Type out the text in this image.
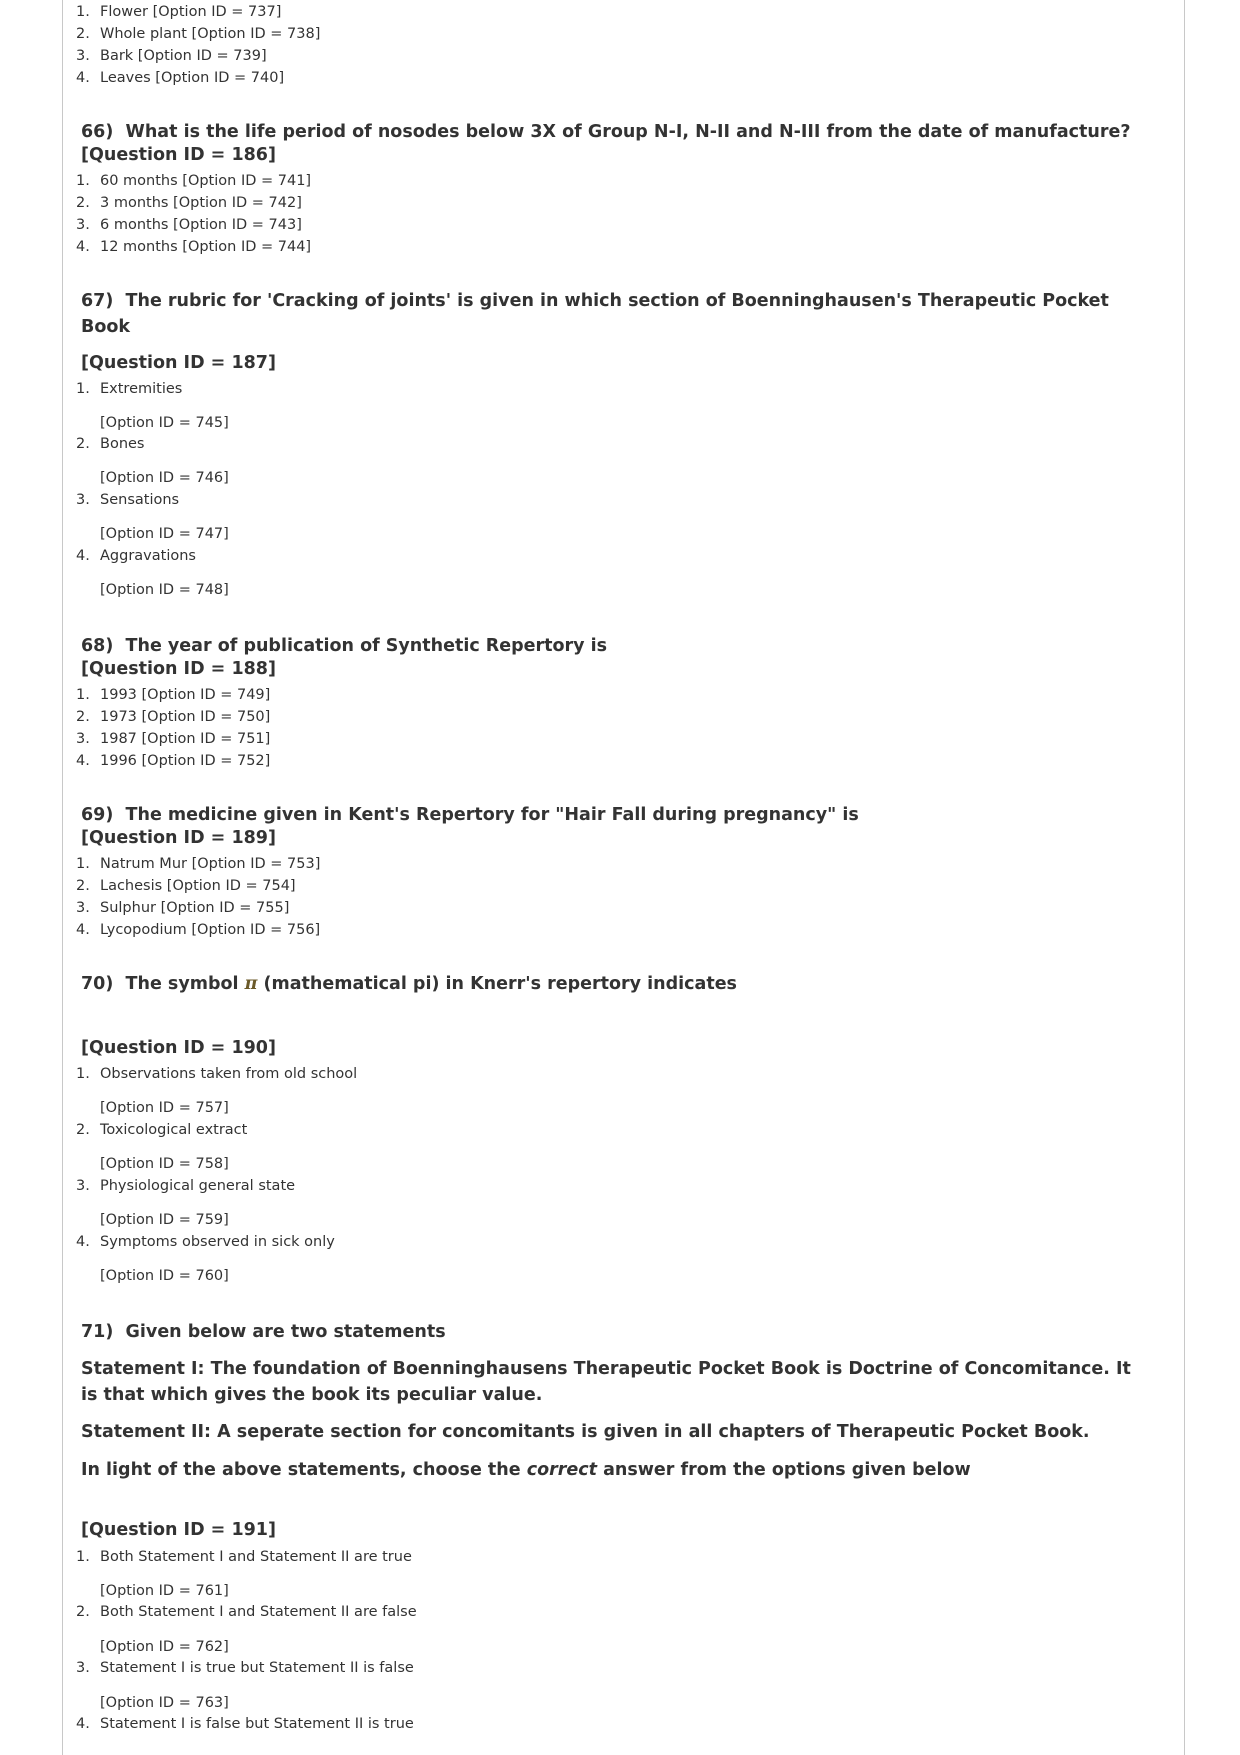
1. Flower [Option ID = 737]
2. Whole plant [Option ID = 738]
3. Bark [Option ID = 739]
4. Leaves [Option ID = 740]

66) What is the life period of nosodes below 3X of Group N-I, N-II and N-III from the date of manufacture?

[Question ID = 186]

1. 60 months [Option ID = 741]
2. 3 months [Option ID = 742]
3. 6 months [Option ID = 743]
4. 12 months [Option ID = 744]

67) The rubric for 'Cracking of joints' is given in which section of Boenninghausen's Therapeutic Pocket Book

[Question ID = 187]

1. Extremities
[Option ID = 745]
2. Bones
[Option ID = 746]
3. Sensations
[Option ID = 747]
4. Aggravations
[Option ID = 748]

68) The year of publication of Synthetic Repertory is

[Question ID = 188]

1. 1993 [Option ID = 749]
2. 1973 [Option ID = 750]
3. 1987 [Option ID = 751]
4. 1996 [Option ID = 752]

69) The medicine given in Kent's Repertory for "Hair Fall during pregnancy" is

[Question ID = 189]

1. Natrum Mur [Option ID = 753]
2. Lachesis [Option ID = 754]
3. Sulphur [Option ID = 755]
4. Lycopodium [Option ID = 756]

70) The symbol π (mathematical pi) in Knerr's repertory indicates

[Question ID = 190]

1. Observations taken from old school
[Option ID = 757]
2. Toxicological extract
[Option ID = 758]
3. Physiological general state
[Option ID = 759]
4. Symptoms observed in sick only
[Option ID = 760]

71) Given below are two statements

Statement I: The foundation of Boenninghausens Therapeutic Pocket Book is Doctrine of Concomitance. It is that which gives the book its peculiar value.

Statement II: A seperate section for concomitants is given in all chapters of Therapeutic Pocket Book.

In light of the above statements, choose the correct answer from the options given below

[Question ID = 191]

1. Both Statement I and Statement II are true
[Option ID = 761]
2. Both Statement I and Statement II are false
[Option ID = 762]
3. Statement I is true but Statement II is false
[Option ID = 763]
4. Statement I is false but Statement II is true
